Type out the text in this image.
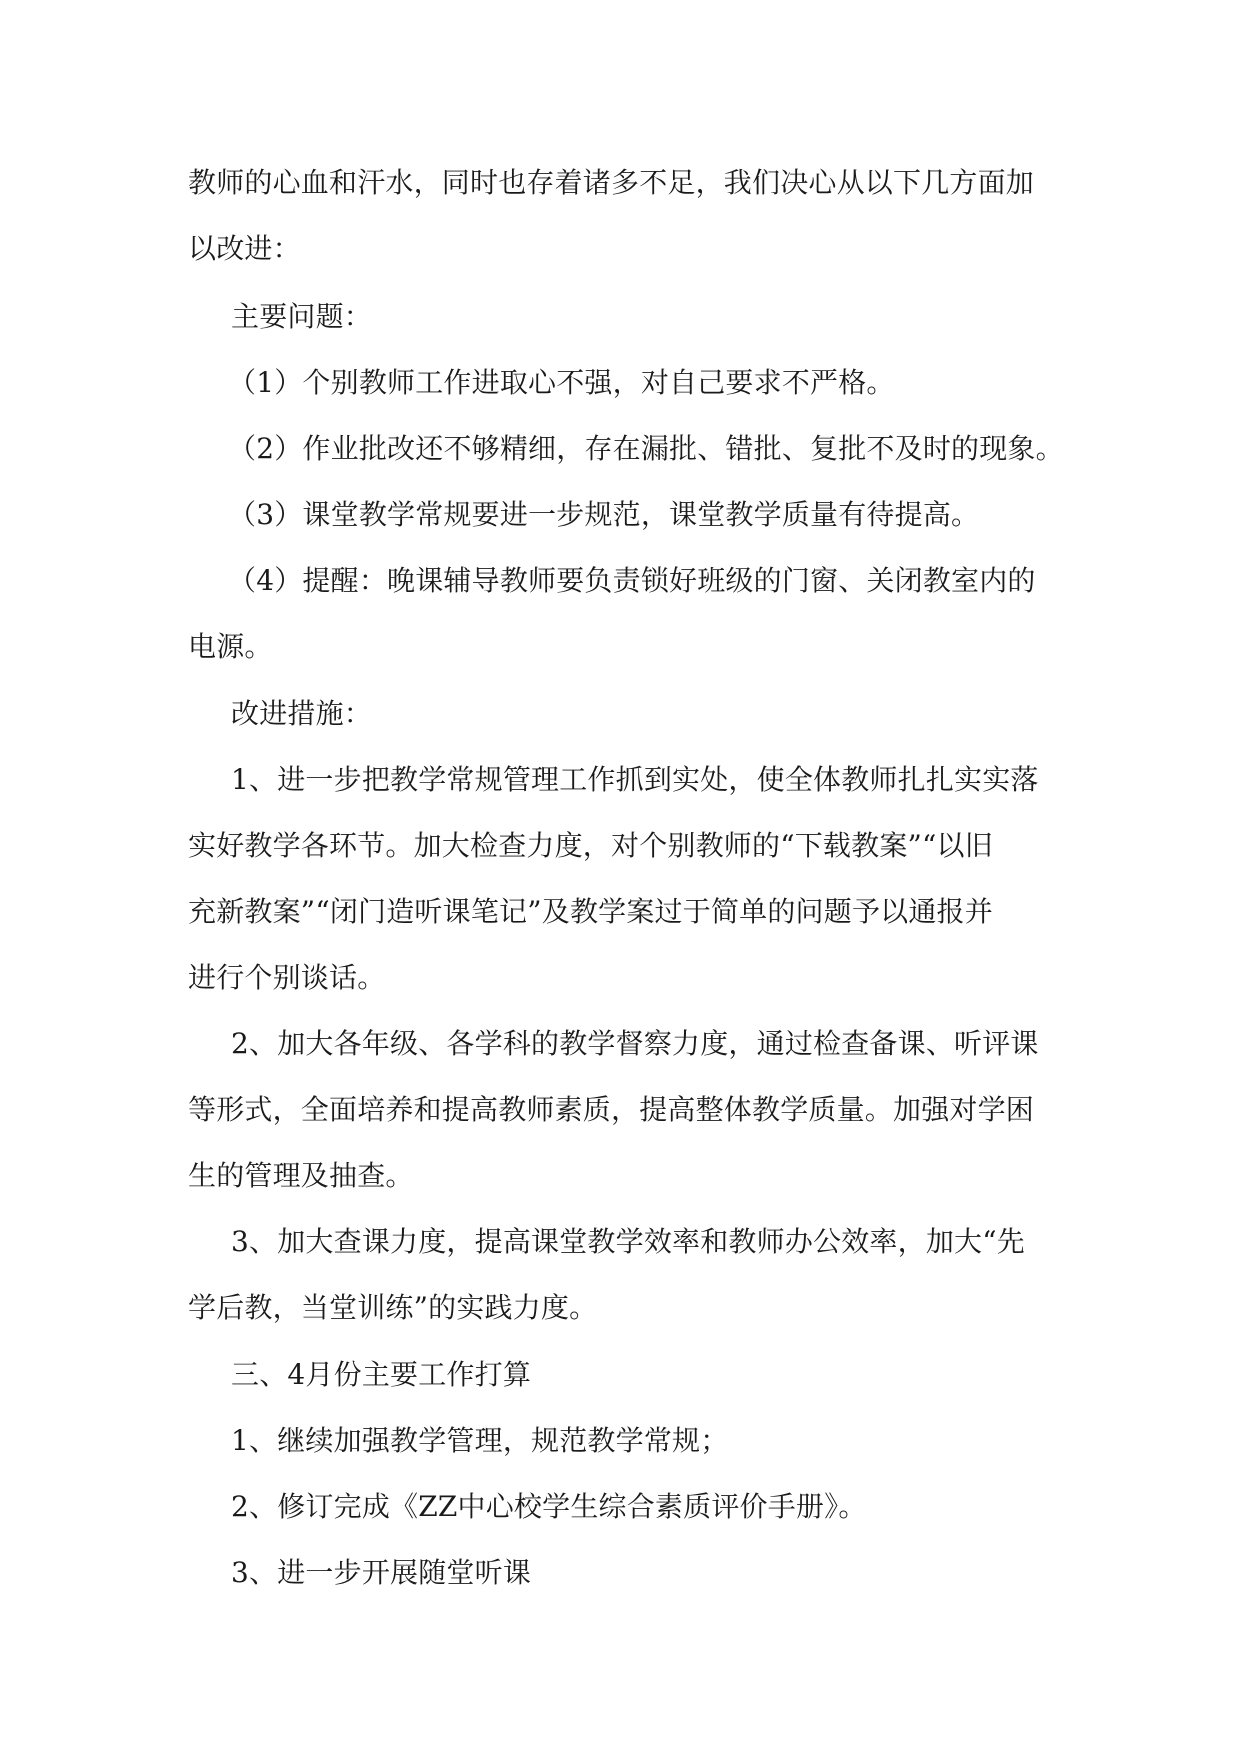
教师的心血和汗水，同时也存着诸多不足，我们决心从以下几方面加
以改进：
主要问题：
（1）个别教师工作进取心不强，对自己要求不严格。
（2）作业批改还不够精细，存在漏批、错批、复批不及时的现象。
（3）课堂教学常规要进一步规范，课堂教学质量有待提高。
（4）提醒：晚课辅导教师要负责锁好班级的门窗、关闭教室内的
电源。
改进措施：
1、进一步把教学常规管理工作抓到实处，使全体教师扎扎实实落
实好教学各环节。加大检查力度，对个别教师的“下载教案”“以旧
充新教案”“闭门造听课笔记”及教学案过于简单的问题予以通报并
进行个别谈话。
2、加大各年级、各学科的教学督察力度，通过检查备课、听评课
等形式，全面培养和提高教师素质，提高整体教学质量。加强对学困
生的管理及抽查。
3、加大查课力度，提高课堂教学效率和教师办公效率，加大“先
学后教，当堂训练”的实践力度。
三、4月份主要工作打算
1、继续加强教学管理，规范教学常规；
2、修订完成《ZZ中心校学生综合素质评价手册》。
3、进一步开展随堂听课
